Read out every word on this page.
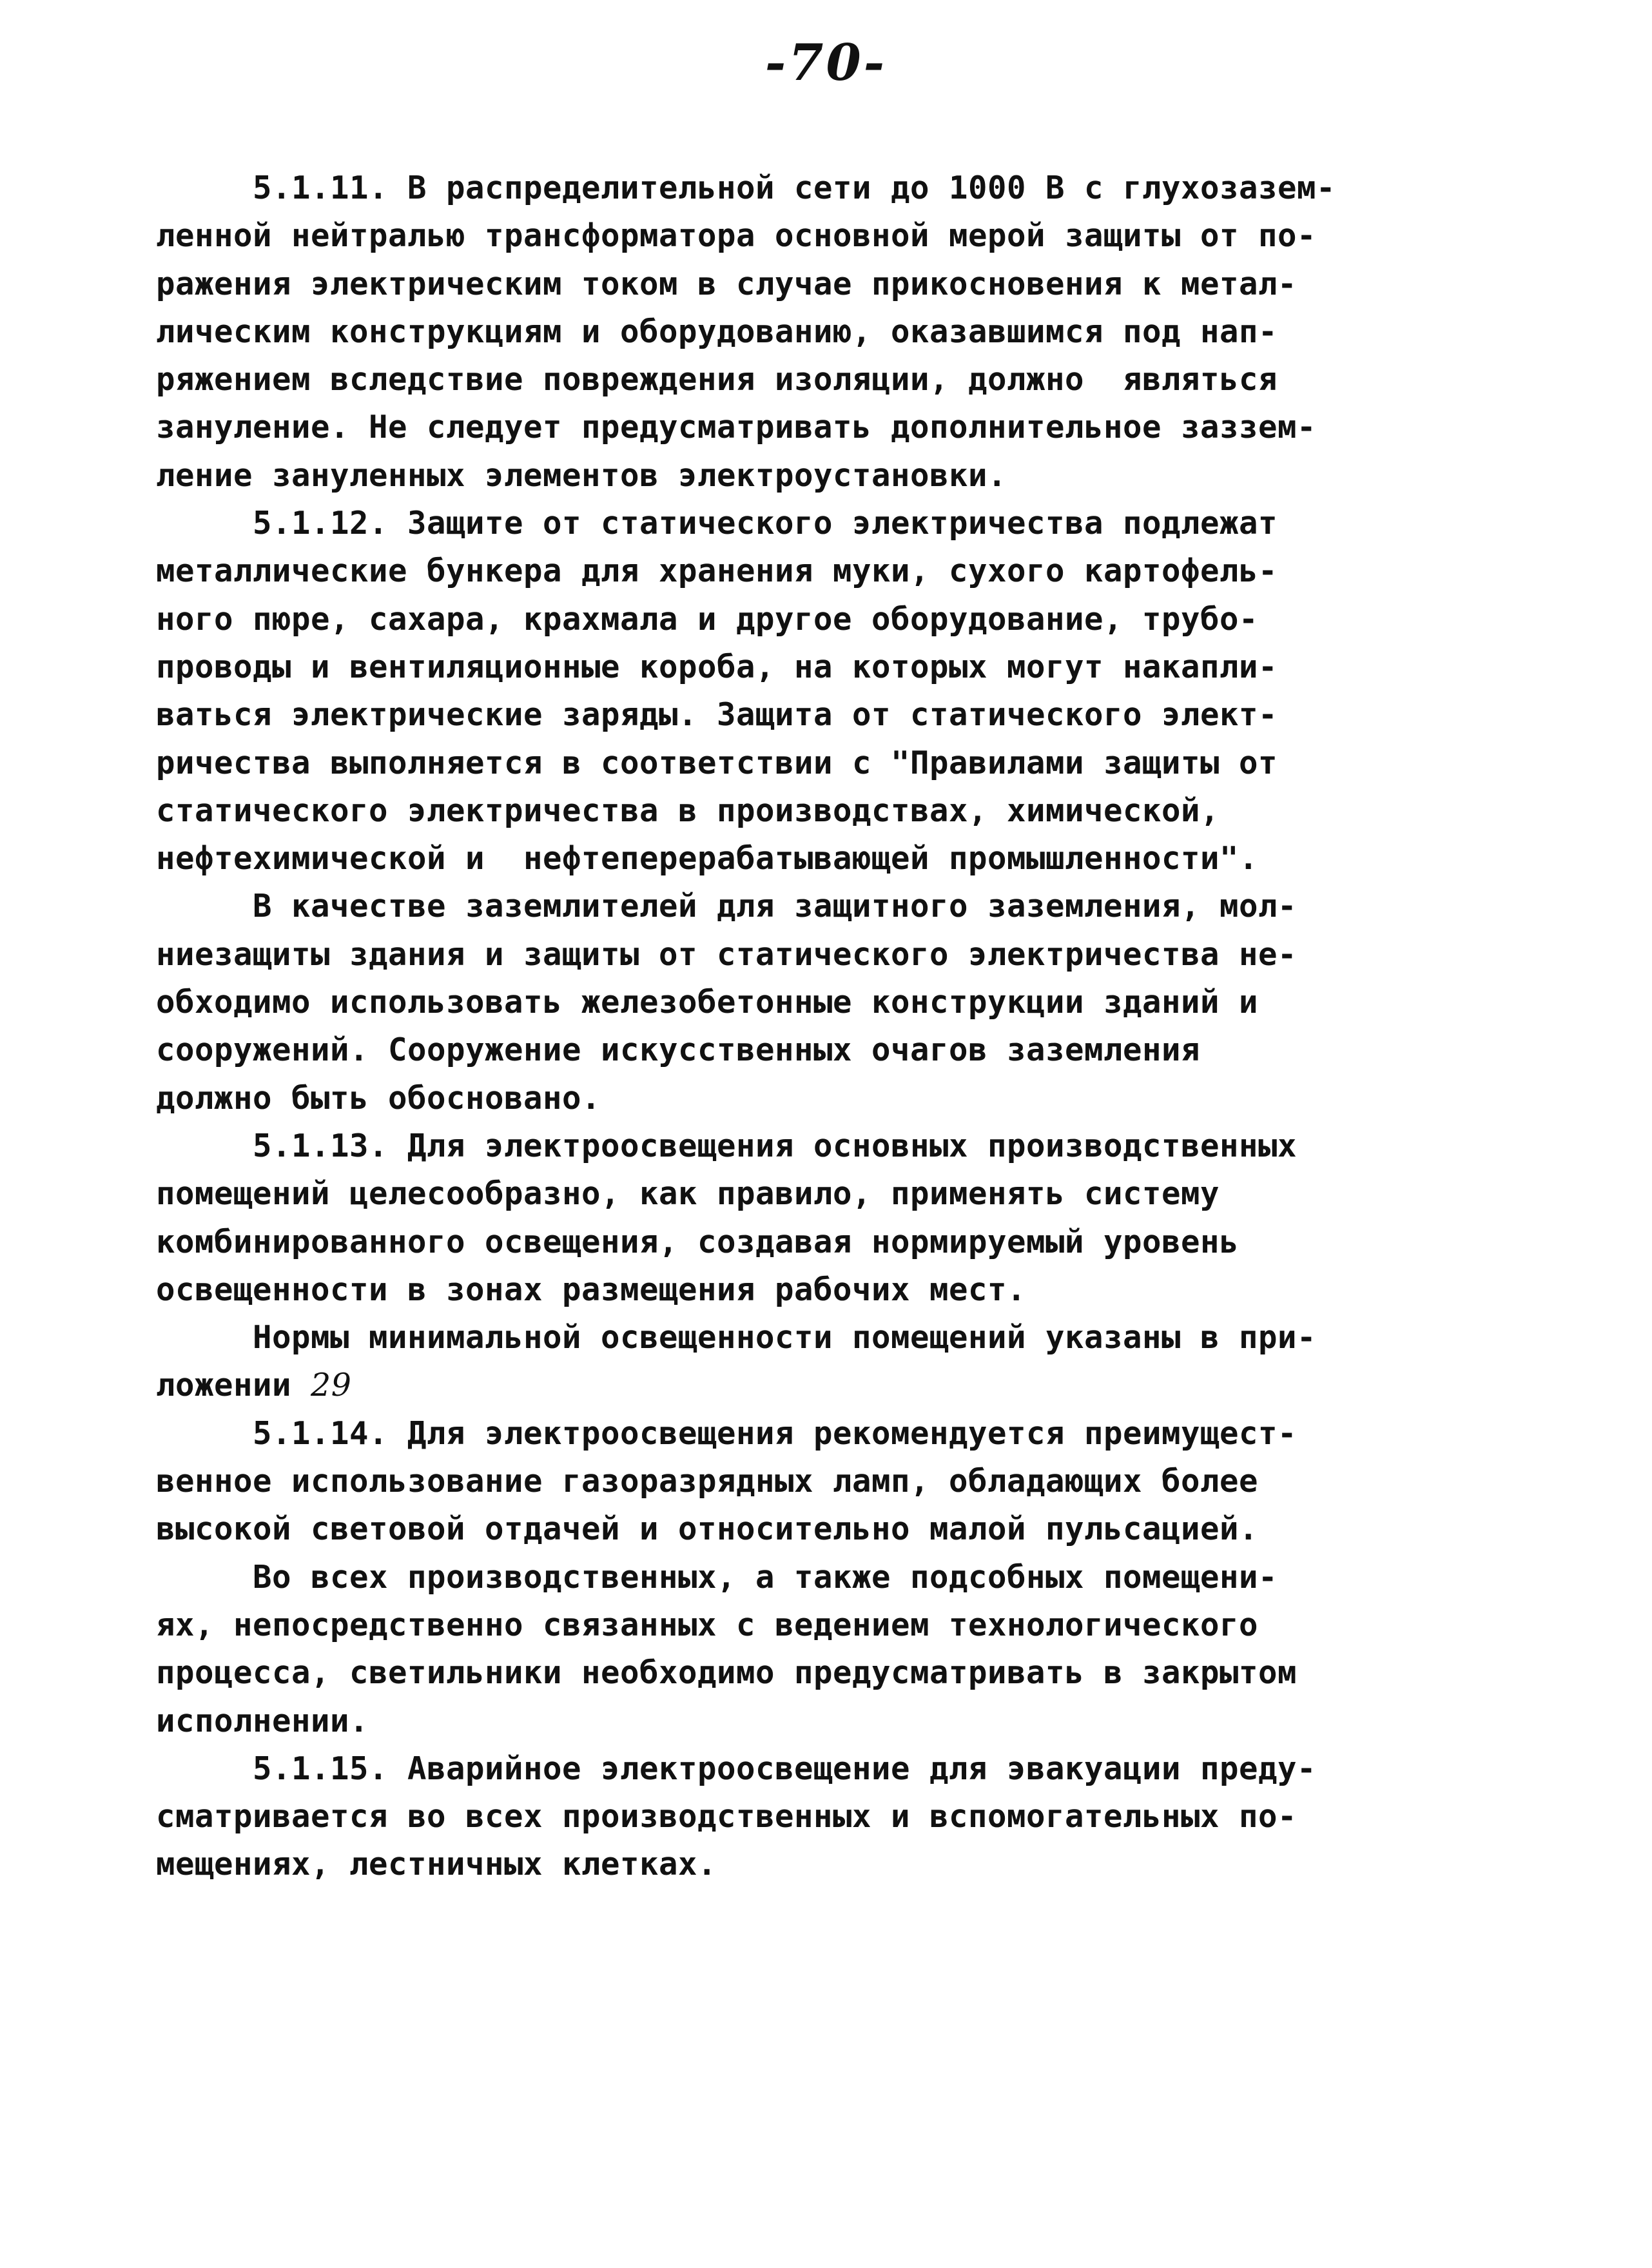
-70-
5.1.11. В распределительной сети до 1000 В с глухозазем-
ленной нейтралью трансформатора основной мерой защиты от по-
ражения электрическим током в случае прикосновения к метал-
лическим конструкциям и оборудованию, оказавшимся под нап-
ряжением вследствие повреждения изоляции, должно  являться
зануление. Не следует предусматривать дополнительное заззем-
ление зануленных элементов электроустановки.
5.1.12. Защите от статического электричества подлежат
металлические бункера для хранения муки, сухого картофель-
ного пюре, сахара, крахмала и другое оборудование, трубо-
проводы и вентиляционные короба, на которых могут накапли-
ваться электрические заряды. Защита от статического элект-
ричества выполняется в соответствии с "Правилами защиты от
статического электричества в производствах, химической,
нефтехимической и  нефтеперерабатывающей промышленности".
В качестве заземлителей для защитного заземления, мол-
ниезащиты здания и защиты от статического электричества не-
обходимо использовать железобетонные конструкции зданий и
сооружений. Сооружение искусственных очагов заземления
должно быть обосновано.
5.1.13. Для электроосвещения основных производственных
помещений целесообразно, как правило, применять систему
комбинированного освещения, создавая нормируемый уровень
освещенности в зонах размещения рабочих мест.
Нормы минимальной освещенности помещений указаны в при-
ложении 29
5.1.14. Для электроосвещения рекомендуется преимущест-
венное использование газоразрядных ламп, обладающих более
высокой световой отдачей и относительно малой пульсацией.
Во всех производственных, а также подсобных помещени-
ях, непосредственно связанных с ведением технологического
процесса, светильники необходимо предусматривать в закрытом
исполнении.
5.1.15. Аварийное электроосвещение для эвакуации преду-
сматривается во всех производственных и вспомогательных по-
мещениях, лестничных клетках.
